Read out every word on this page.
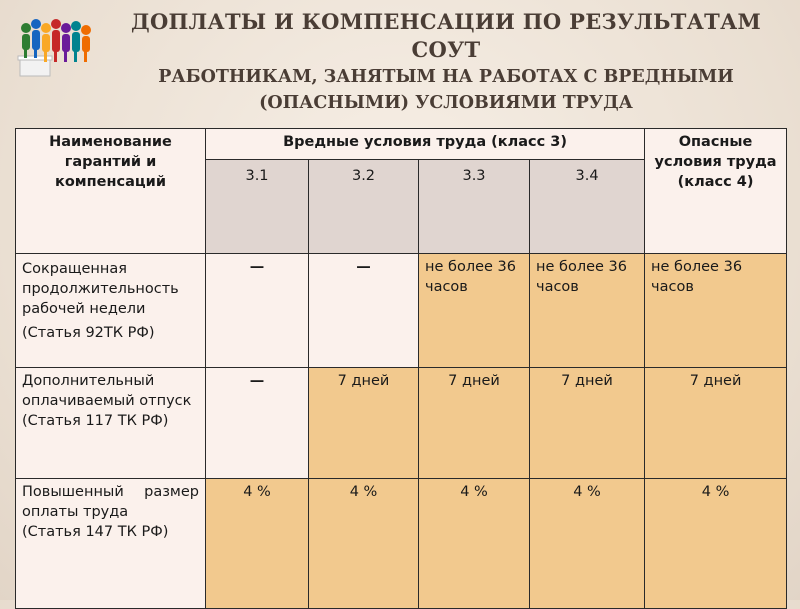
ДОПЛАТЫ И КОМПЕНСАЦИИ ПО РЕЗУЛЬТАТАМ СОУТ
РАБОТНИКАМ, ЗАНЯТЫМ НА РАБОТАХ С ВРЕДНЫМИ
(ОПАСНЫМИ) УСЛОВИЯМИ ТРУДА
Наименование гарантий и компенсаций	Вредные условия труда (класс 3)				Опасные условия труда (класс 4)
	3.1	3.2	3.3	3.4	

Сокращенная продолжительность рабочей недели
(Статья 92ТК РФ)	—	—	не более 36 часов	не более 36 часов	не более 36 часов

Дополнительный оплачиваемый отпуск
(Статья 117 ТК РФ)	—	7 дней	7 дней	7 дней	7 дней

Повышенный размер оплаты труда
(Статья 147 ТК РФ)	4 %	4 %	4 %	4 %	4 %
